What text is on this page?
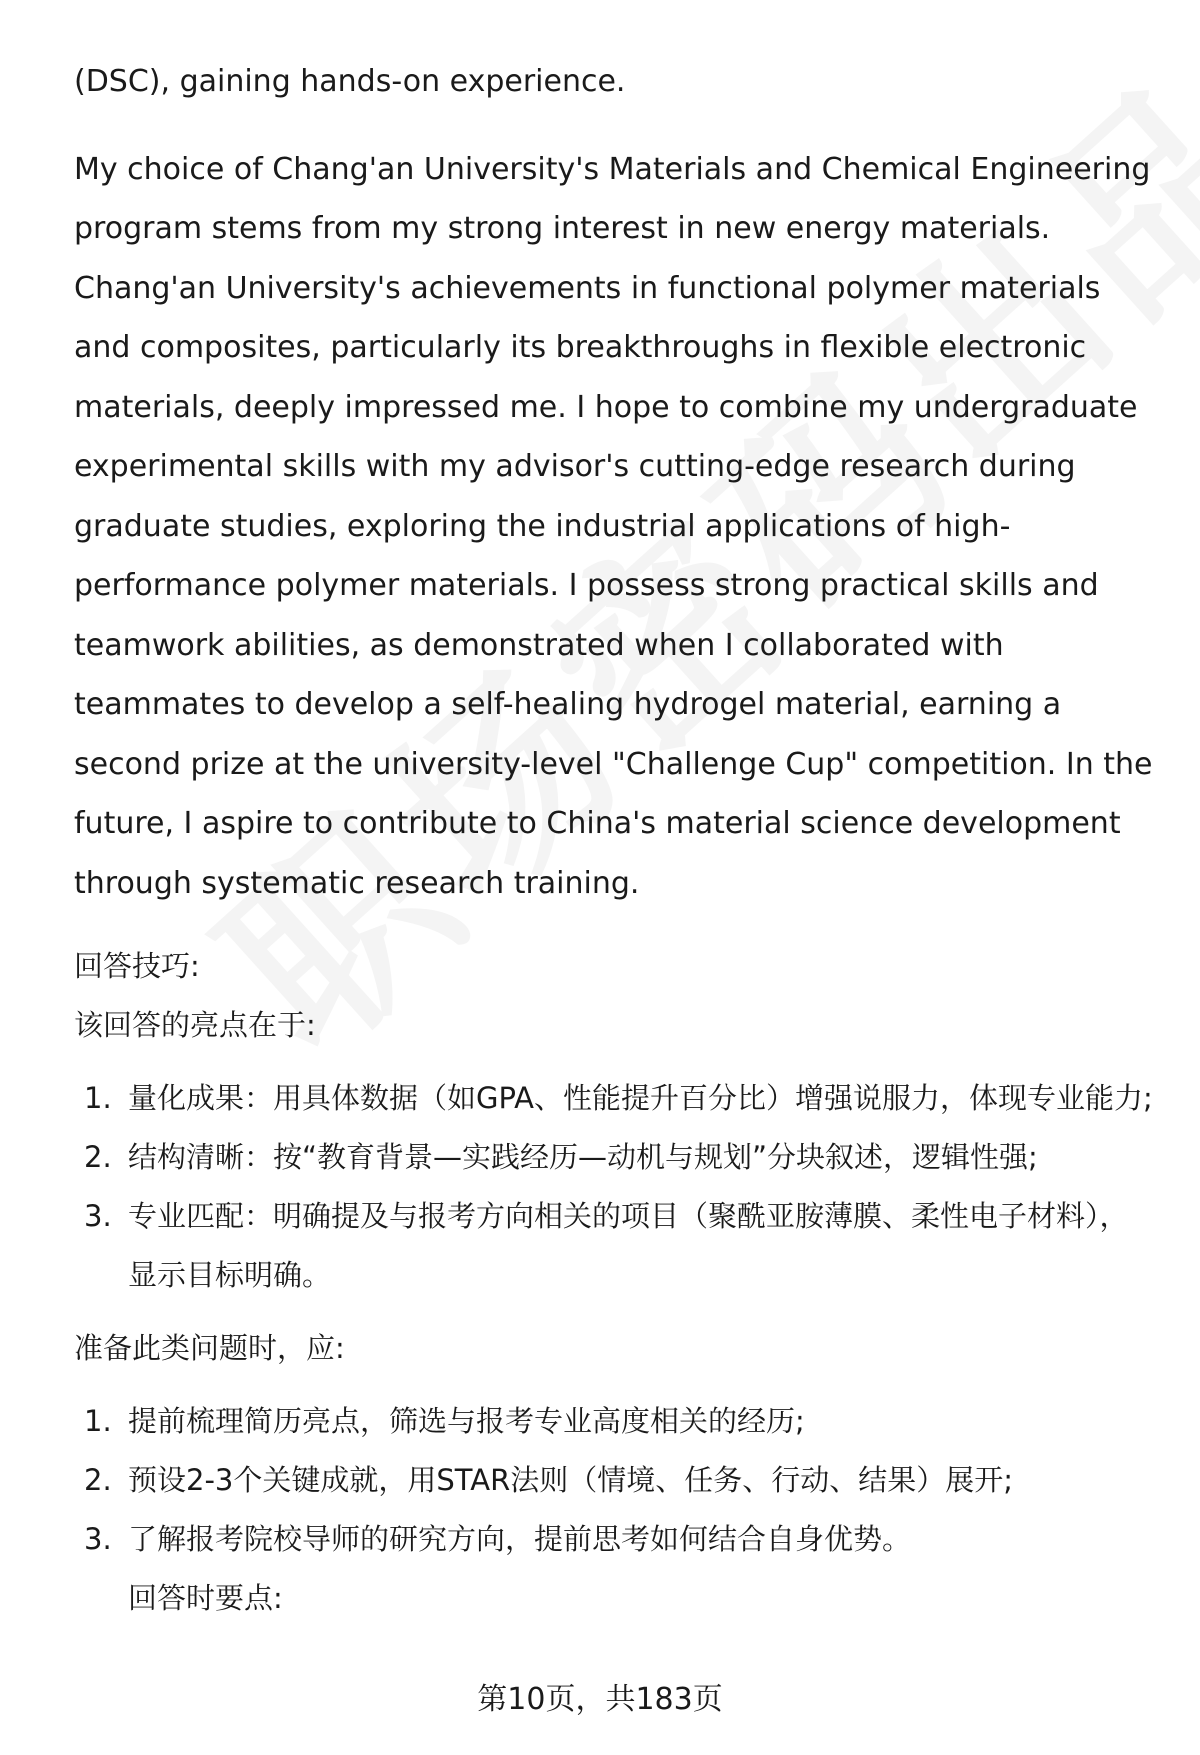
(DSC), gaining hands-on experience.

My choice of Chang'an University's Materials and Chemical Engineering program stems from my strong interest in new energy materials. Chang'an University's achievements in functional polymer materials and composites, particularly its breakthroughs in flexible electronic materials, deeply impressed me. I hope to combine my undergraduate experimental skills with my advisor's cutting-edge research during graduate studies, exploring the industrial applications of high-performance polymer materials. I possess strong practical skills and teamwork abilities, as demonstrated when I collaborated with teammates to develop a self-healing hydrogel material, earning a second prize at the university-level "Challenge Cup" competition. In the future, I aspire to contribute to China's material science development through systematic research training.

回答技巧:
该回答的亮点在于:
1. 量化成果：用具体数据（如GPA、性能提升百分比）增强说服力，体现专业能力;
2. 结构清晰：按“教育背景—实践经历—动机与规划”分块叙述，逻辑性强;
3. 专业匹配：明确提及与报考方向相关的项目（聚酰亚胺薄膜、柔性电子材料），显示目标明确。
准备此类问题时，应:
1. 提前梳理简历亮点，筛选与报考专业高度相关的经历;
2. 预设2-3个关键成就，用STAR法则（情境、任务、行动、结果）展开;
3. 了解报考院校导师的研究方向，提前思考如何结合自身优势。
回答时要点:
第10页，共183页
